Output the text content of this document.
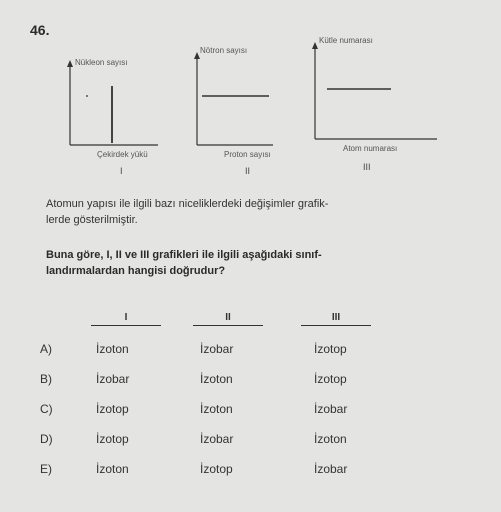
46.
Nükleon sayısı
Çekirdek yükü
I
Nötron sayısı
Proton sayısı
II
Kütle numarası
Atom numarası
III
Atomun yapısı ile ilgili bazı niceliklerdeki değişimler grafik-
lerde gösterilmiştir.
Buna göre, I, II ve III grafikleri ile ilgili aşağıdaki sınıf-
landırmalardan hangisi doğrudur?
I	II	III
A)	İzoton	İzobar	İzotop
B)	İzobar	İzoton	İzotop
C)	İzotop	İzoton	İzobar
D)	İzotop	İzobar	İzoton
E)	İzoton	İzotop	İzobar
